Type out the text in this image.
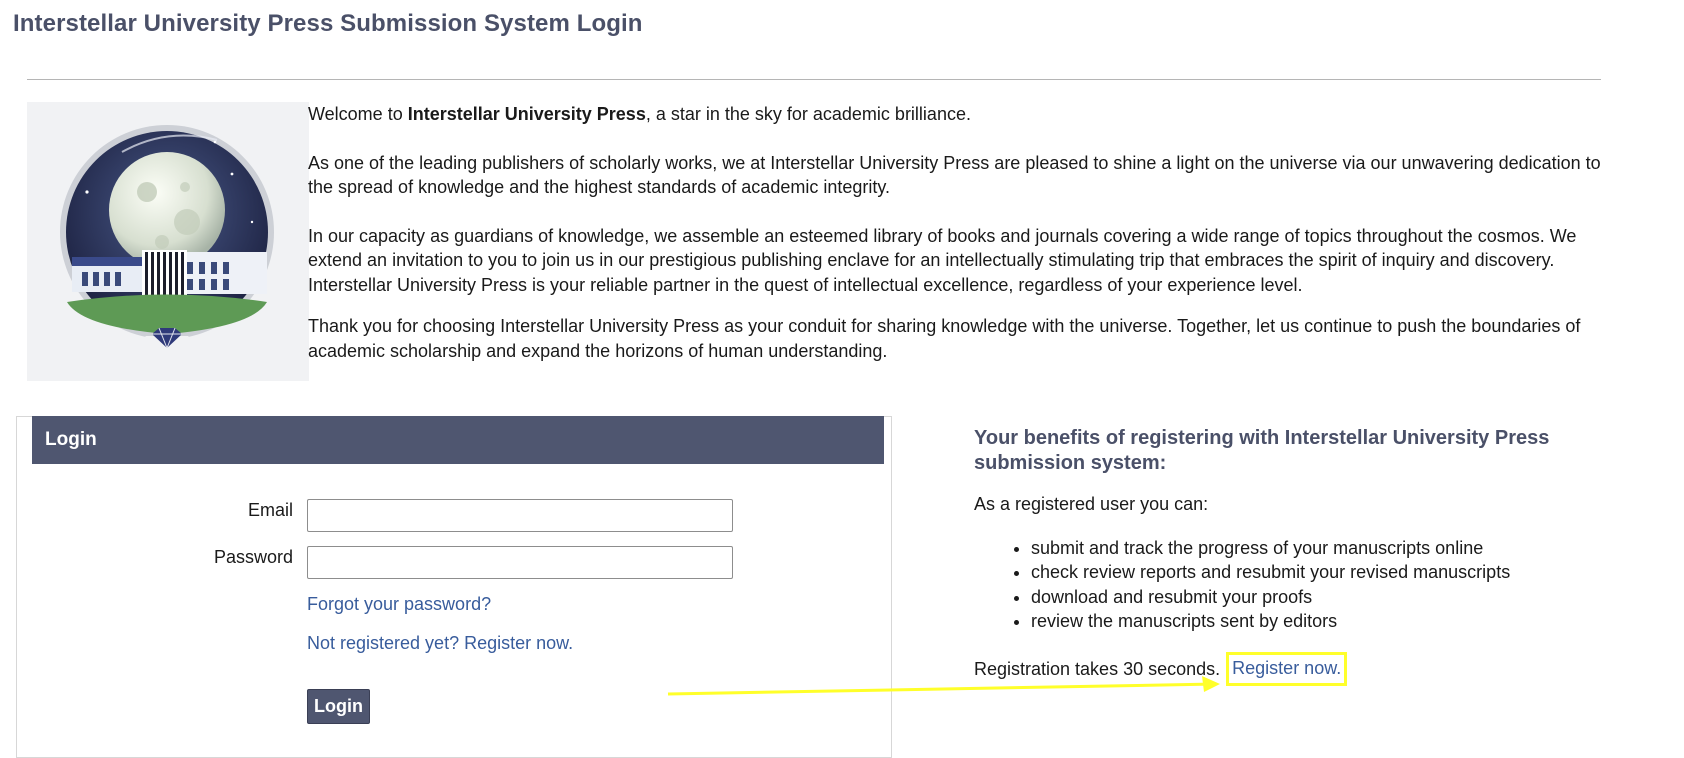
Interstellar University Press Submission System Login

Welcome to Interstellar University Press, a star in the sky for academic brilliance.

As one of the leading publishers of scholarly works, we at Interstellar University Press are pleased to shine a light on the universe via our unwavering dedication to the spread of knowledge and the highest standards of academic integrity.

In our capacity as guardians of knowledge, we assemble an esteemed library of books and journals covering a wide range of topics throughout the cosmos. We extend an invitation to you to join us in our prestigious publishing enclave for an intellectually stimulating trip that embraces the spirit of inquiry and discovery. Interstellar University Press is your reliable partner in the quest of intellectual excellence, regardless of your experience level.

Thank you for choosing Interstellar University Press as your conduit for sharing knowledge with the universe. Together, let us continue to push the boundaries of academic scholarship and expand the horizons of human understanding.

Login
Email
Password
Forgot your password?
Not registered yet? Register now.
Login
Your benefits of registering with Interstellar University Press submission system:

As a registered user you can:

• submit and track the progress of your manuscripts online
• check review reports and resubmit your revised manuscripts
• download and resubmit your proofs
• review the manuscripts sent by editors
Registration takes 30 seconds. Register now.
